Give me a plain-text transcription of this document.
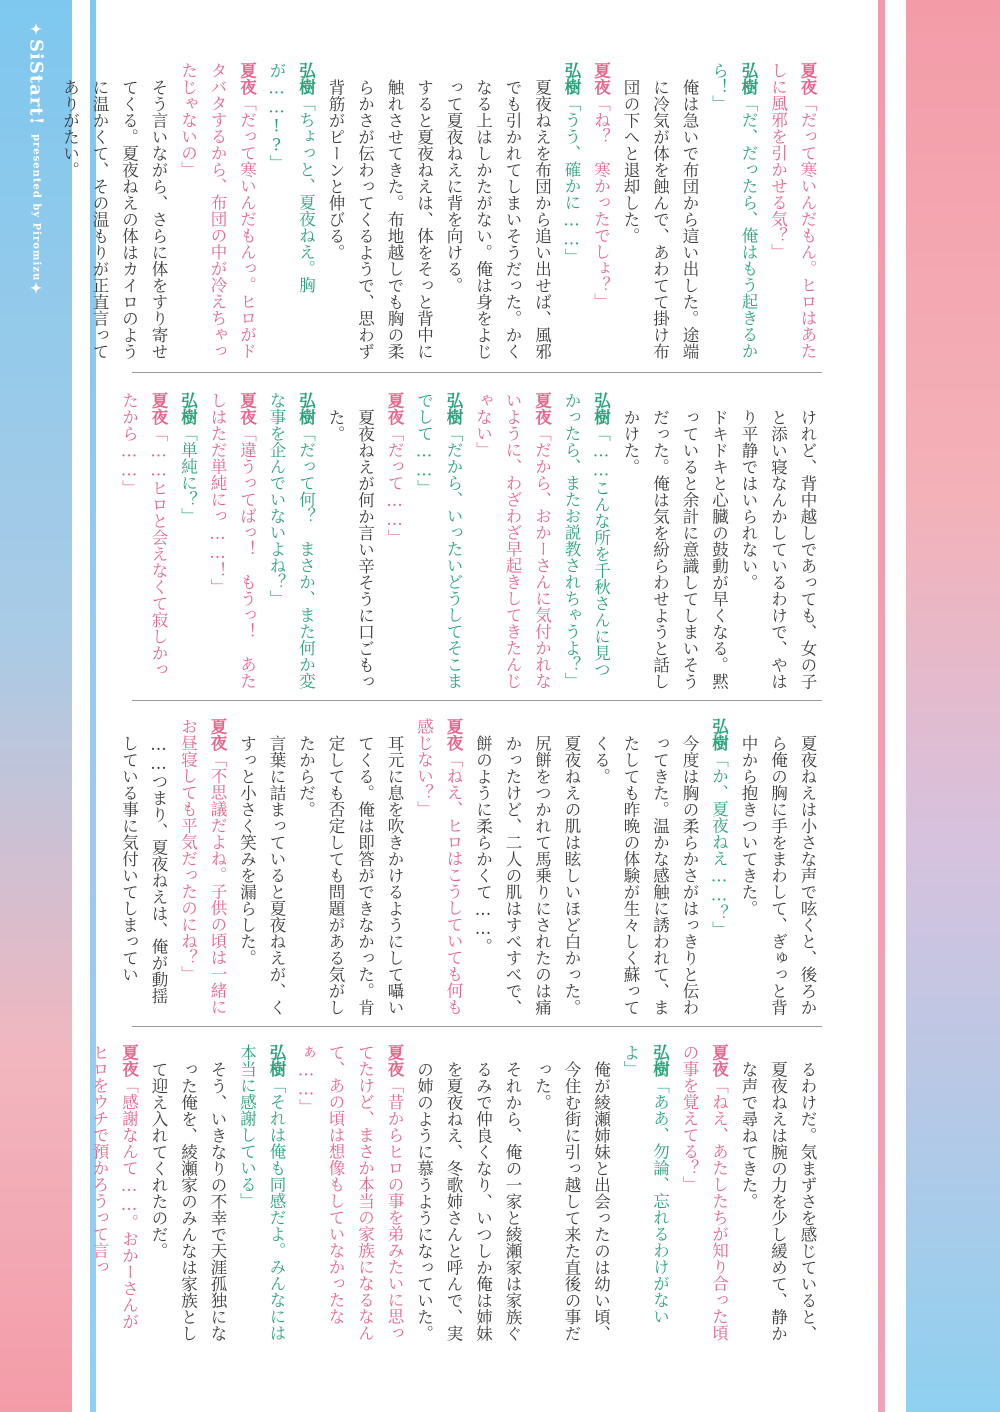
✦
SiStart!
presented by Piromizu
✦

夏夜「だって寒いんだもん。ヒロはあたしに風邪を引かせる気？」

弘樹「だ、だったら、俺はもう起きるから！」

俺は急いで布団から這い出した。途端に冷気が体を蝕んで、あわてて掛け布団の下へと退却した。

夏夜「ね？　寒かったでしょ？」

弘樹「うう、確かに……」

夏夜ねえを布団から追い出せば、風邪でも引かれてしまいそうだった。かくなる上はしかたがない。俺は身をよじって夏夜ねえに背を向ける。

すると夏夜ねえは、体をそっと背中に触れさせてきた。布地越しでも胸の柔らかさが伝わってくるようで、思わず背筋がピーンと伸びる。

弘樹「ちょっと、夏夜ねえ。胸が……!?」

夏夜「だって寒いんだもんっ。ヒロがドタバタするから、布団の中が冷えちゃったじゃないの」

そう言いながら、さらに体をすり寄せてくる。夏夜ねえの体はカイロのように温かくて、その温もりが正直言ってありがたい。

けれど、背中越しであっても、女の子と添い寝なんかしているわけで、やはり平静ではいられない。

ドキドキと心臓の鼓動が早くなる。黙っていると余計に意識してしまいそうだった。俺は気を紛らわせようと話しかけた。

弘樹「……こんな所を千秋さんに見つかったら、またお説教されちゃうよ？」

夏夜「だから、おかーさんに気付かれないように、わざわざ早起きしてきたんじゃない」

弘樹「だから、いったいどうしてそこまでして……」

夏夜「だって……」

夏夜ねえが何か言い辛そうに口ごもった。

弘樹「だって何？　まさか、また何か変な事を企んでいないよね？」

夏夜「違うってばっ！　もうっ！　あたしはただ単純にっ……！」

弘樹「単純に？」

夏夜「……ヒロと会えなくて寂しかったから……」

夏夜ねえは小さな声で呟くと、後ろから俺の胸に手をまわして、ぎゅっと背中から抱きついてきた。

弘樹「か、夏夜ねえ……？」

今度は胸の柔らかさがはっきりと伝わってきた。温かな感触に誘われて、またしても昨晩の体験が生々しく蘇ってくる。

夏夜ねえの肌は眩しいほど白かった。尻餅をつかれて馬乗りにされたのは痛かったけど、二人の肌はすべすべで、餅のように柔らかくて……。

夏夜「ねえ、ヒロはこうしていても何も感じない？」

耳元に息を吹きかけるようにして囁いてくる。俺は即答ができなかった。肯定しても否定しても問題がある気がしたからだ。

言葉に詰まっていると夏夜ねえが、くすっと小さく笑みを漏らした。

夏夜「不思議だよね。子供の頃は一緒にお昼寝しても平気だったのにね？」

……つまり、夏夜ねえは、俺が動揺している事に気付いてしまってい

るわけだ。気まずさを感じていると、夏夜ねえは腕の力を少し緩めて、静かな声で尋ねてきた。

夏夜「ねえ、あたしたちが知り合った頃の事を覚えてる？」

弘樹「ああ、勿論、忘れるわけがないよ」

俺が綾瀬姉妹と出会ったのは幼い頃、今住む街に引っ越して来た直後の事だった。

それから、俺の一家と綾瀬家は家族ぐるみで仲良くなり、いつしか俺は姉妹を夏夜ねえ、冬歌姉さんと呼んで、実の姉のように慕うようになっていた。

夏夜「昔からヒロの事を弟みたいに思ってたけど、まさか本当の家族になるなんて、あの頃は想像もしていなかったなぁ……」

弘樹「それは俺も同感だよ。みんなには本当に感謝している」

そう、いきなりの不幸で天涯孤独になった俺を、綾瀬家のみんなは家族として迎え入れてくれたのだ。

夏夜「感謝なんて……。おかーさんがヒロをウチで預かろうって言っ
